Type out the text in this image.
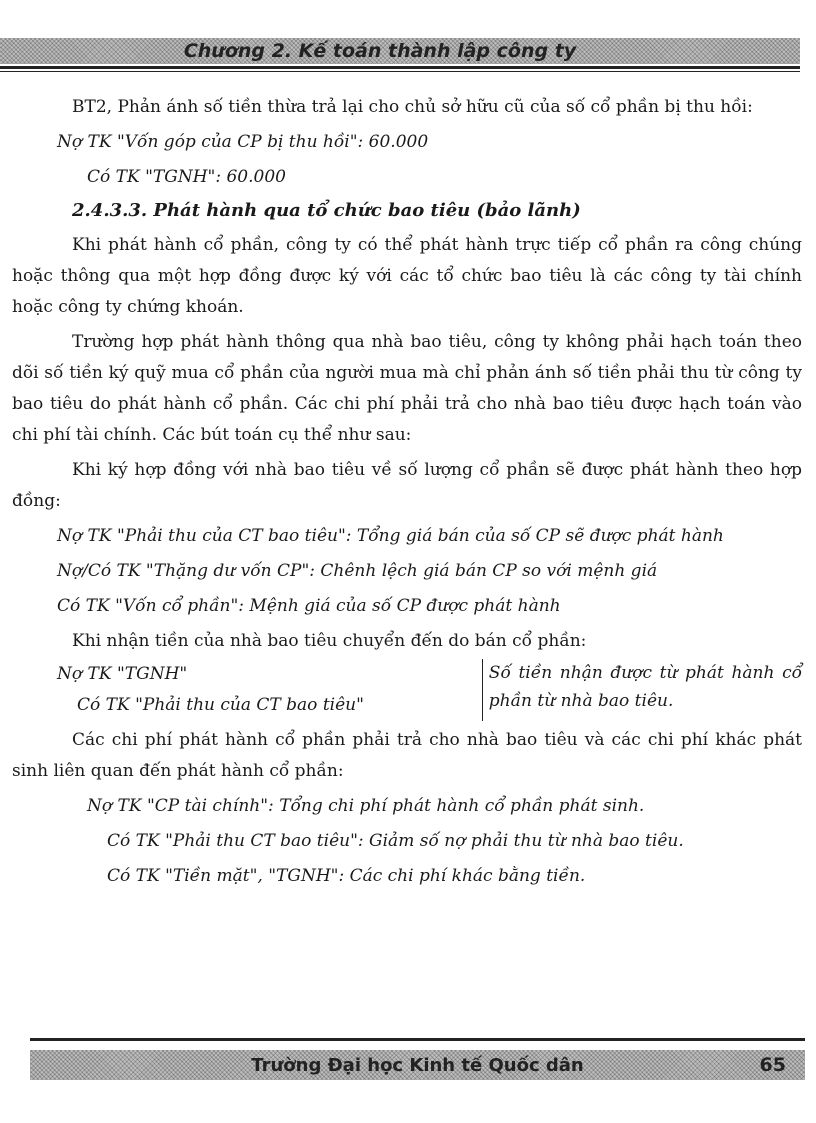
Chương 2. Kế toán thành lập công ty

BT2, Phản ánh số tiền thừa trả lại cho chủ sở hữu cũ của số cổ phần bị thu hồi:

Nợ TK "Vốn góp của CP bị thu hồi": 60.000

Có TK "TGNH": 60.000

2.4.3.3. Phát hành qua tổ chức bao tiêu (bảo lãnh)

Khi phát hành cổ phần, công ty có thể phát hành trực tiếp cổ phần ra công chúng hoặc thông qua một hợp đồng được ký với các tổ chức bao tiêu là các công ty tài chính hoặc công ty chứng khoán.

Trường hợp phát hành thông qua nhà bao tiêu, công ty không phải hạch toán theo dõi số tiền ký quỹ mua cổ phần của người mua mà chỉ phản ánh số tiền phải thu từ công ty bao tiêu do phát hành cổ phần. Các chi phí phải trả cho nhà bao tiêu được hạch toán vào chi phí tài chính. Các bút toán cụ thể như sau:

Khi ký hợp đồng với nhà bao tiêu về số lượng cổ phần sẽ được phát hành theo hợp đồng:

Nợ TK "Phải thu của CT bao tiêu": Tổng giá bán của số CP sẽ được phát hành

Nợ/Có TK "Thặng dư vốn CP": Chênh lệch giá bán CP so với mệnh giá

Có TK "Vốn cổ phần": Mệnh giá của số CP được phát hành

Khi nhận tiền của nhà bao tiêu chuyển đến do bán cổ phần:

Nợ TK "TGNH"
Có TK "Phải thu của CT bao tiêu"
Số tiền nhận được từ phát hành cổ phần từ nhà bao tiêu.

Các chi phí phát hành cổ phần phải trả cho nhà bao tiêu và các chi phí khác phát sinh liên quan đến phát hành cổ phần:

Nợ TK "CP tài chính": Tổng chi phí phát hành cổ phần phát sinh.

Có TK "Phải thu CT bao tiêu": Giảm số nợ phải thu từ nhà bao tiêu.

Có TK "Tiền mặt", "TGNH": Các chi phí khác bằng tiền.

Trường Đại học Kinh tế Quốc dân	65
